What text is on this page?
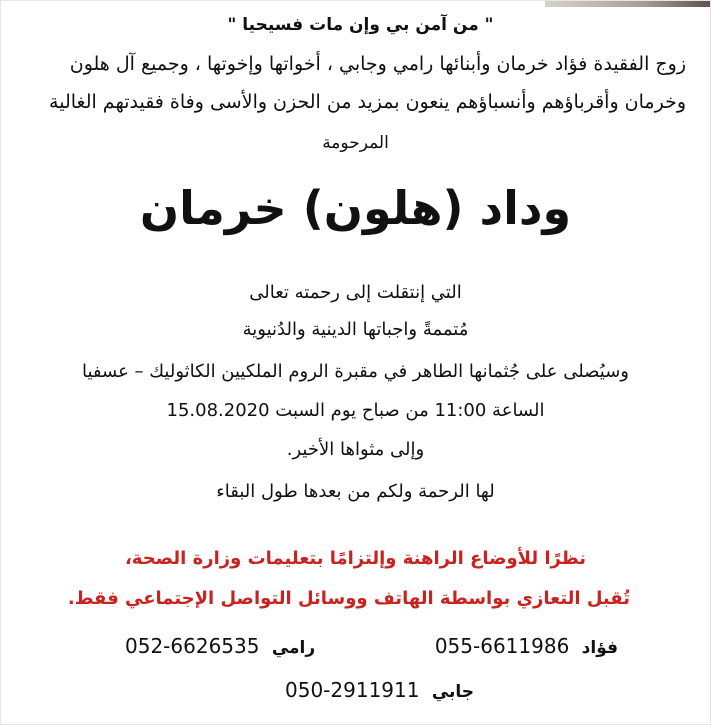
" من آمن بي وإن مات فسيحيا "
زوج الفقيدة فؤاد خرمان وأبنائها رامي وجابي ، أخواتها وإخوتها ، وجميع آل هلون
وخرمان وأقرباؤهم وأنسباؤهم ينعون بمزيد من الحزن والأسى وفاة فقيدتهم الغالية
المرحومة
وداد (هلون) خرمان
التي إنتقلت إلى رحمته تعالى
مُتممةً واجباتها الدينية والدُنيوية
وسيُصلى على جُثمانها الطاهر في مقبرة الروم الملكيين الكاثوليك – عسفيا
الساعة 11:00 من صباح يوم السبت 15.08.2020
وإلى مثواها الأخير.
لها الرحمة ولكم من بعدها طول البقاء
نظرًا للأوضاع الراهنة وإلتزامًا بتعليمات وزارة الصحة،
تُقبل التعازي بواسطة الهاتف ووسائل التواصل الإجتماعي فقط.
055-6611986 فؤاد
052-6626535 رامي
050-2911911 جابي
